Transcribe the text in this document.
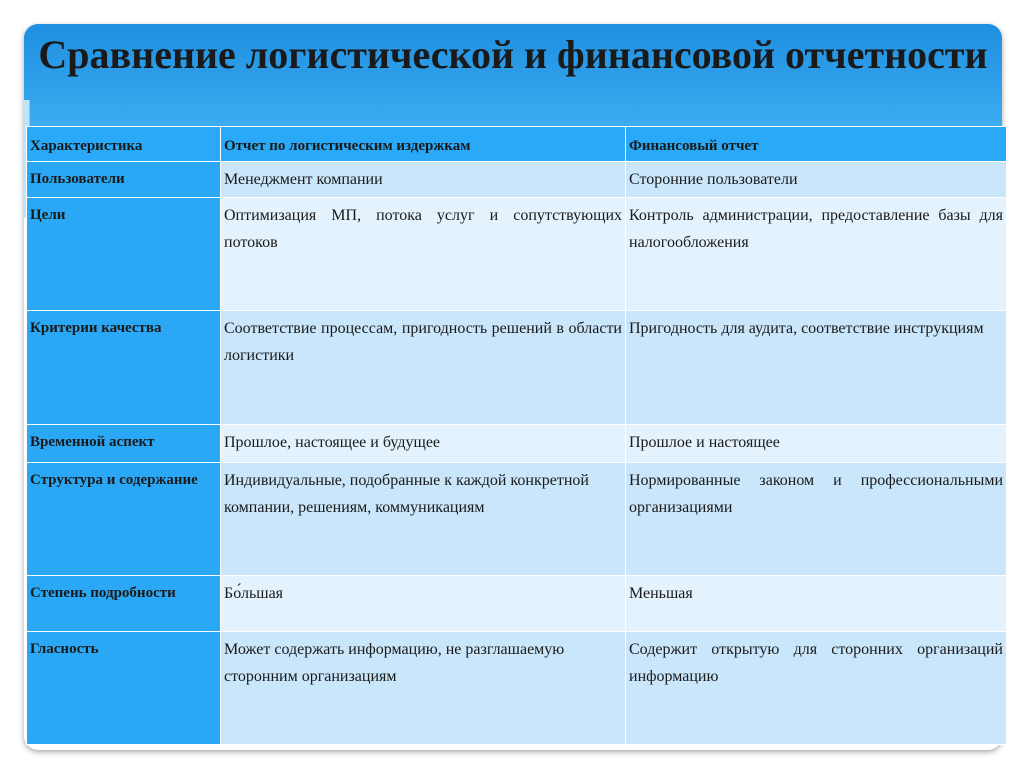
Сравнение логистической и финансовой отчетности
Характеристика	Отчет по логистическим издержкам	Финансовый отчет
Пользователи	Менеджмент компании	Сторонние пользователи
Цели	Оптимизация МП, потока услуг и сопутствующих потоков	Контроль администрации, предоставление базы для налогообложения
Критерии качества	Соответствие процессам, пригодность решений в области логистики	Пригодность для аудита, соответствие инструкциям
Временной аспект	Прошлое, настоящее и будущее	Прошлое и настоящее
Структура и содержание	Индивидуальные, подобранные к каждой конкретной компании, решениям, коммуникациям	Нормированные законом и профессиональными организациями
Степень подробности	Бо́льшая	Меньшая
Гласность	Может содержать информацию, не разглашаемую сторонним организациям	Содержит открытую для сторонних организаций информацию
